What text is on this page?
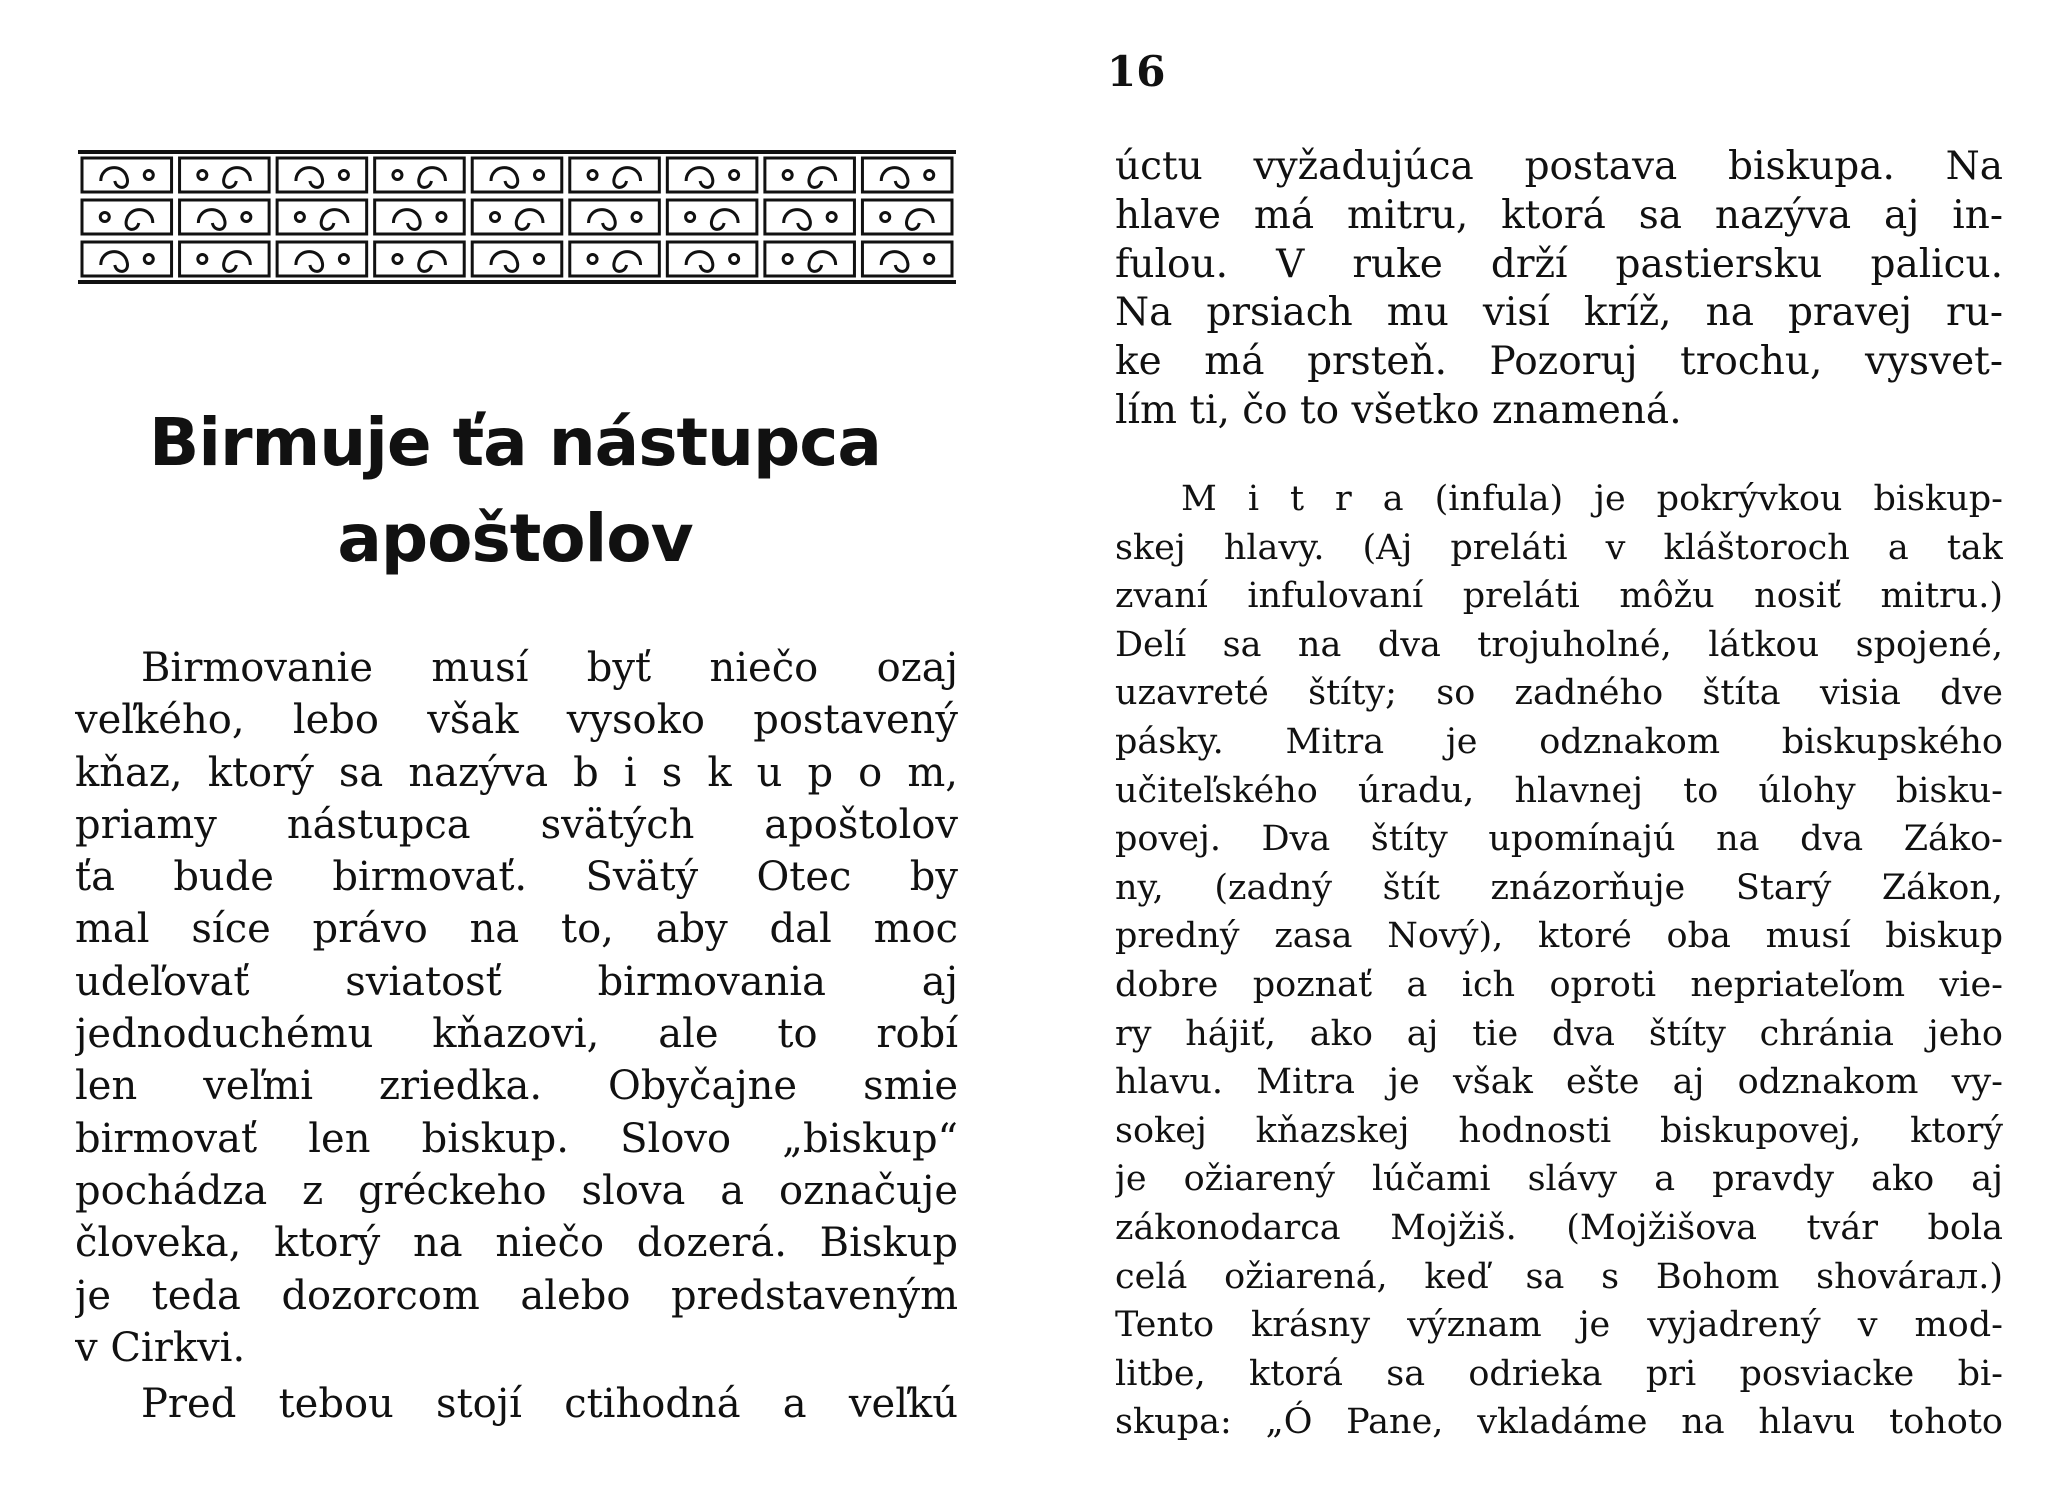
Birmuje ťa nástupca
apoštolov
Birmovanie musí byť niečo ozaj
veľkého, lebo však vysoko postavený
kňaz, ktorý sa nazýva b i s k u p o m,
priamy nástupca svätých apoštolov
ťa bude birmovať. Svätý Otec by
mal síce právo na to, aby dal moc
udeľovať sviatosť birmovania aj
jednoduchému kňazovi, ale to robí
len veľmi zriedka. Obyčajne smie
birmovať len biskup. Slovo „biskup“
pochádza z gréckeho slova a označuje
človeka, ktorý na niečo dozerá. Biskup
je teda dozorcom alebo predstaveným
v Cirkvi.
Pred tebou stojí ctihodná a veľkú
16
úctu vyžadujúca postava biskupa. Na
hlave má mitru, ktorá sa nazýva aj in-
fulou. V ruke drží pastiersku palicu.
Na prsiach mu visí kríž, na pravej ru-
ke má prsteň. Pozoruj trochu, vysvet-
lím ti, čo to všetko znamená.
M i t r a (infula) je pokrývkou biskup-
skej hlavy. (Aj preláti v kláštoroch a tak
zvaní infulovaní preláti môžu nosiť mitru.)
Delí sa na dva trojuholné, látkou spojené,
uzavreté štíty; so zadného štíta visia dve
pásky. Mitra je odznakom biskupského
učiteľského úradu, hlavnej to úlohy bisku-
povej. Dva štíty upomínajú na dva Záko-
ny, (zadný štít znázorňuje Starý Zákon,
predný zasa Nový), ktoré oba musí biskup
dobre poznať a ich oproti nepriateľom vie-
ry hájiť, ako aj tie dva štíty chránia jeho
hlavu. Mitra je však ešte aj odznakom vy-
sokej kňazskej hodnosti biskupovej, ktorý
je ožiarený lúčami slávy a pravdy ako aj
zákonodarca Mojžiš. (Mojžišova tvár bola
celá ožiarená, keď sa s Bohom shovárал.)
Tento krásny význam je vyjadrený v mod-
litbe, ktorá sa odrieka pri posviacke bi-
skupa: „Ó Pane, vkladáme na hlavu tohoto
